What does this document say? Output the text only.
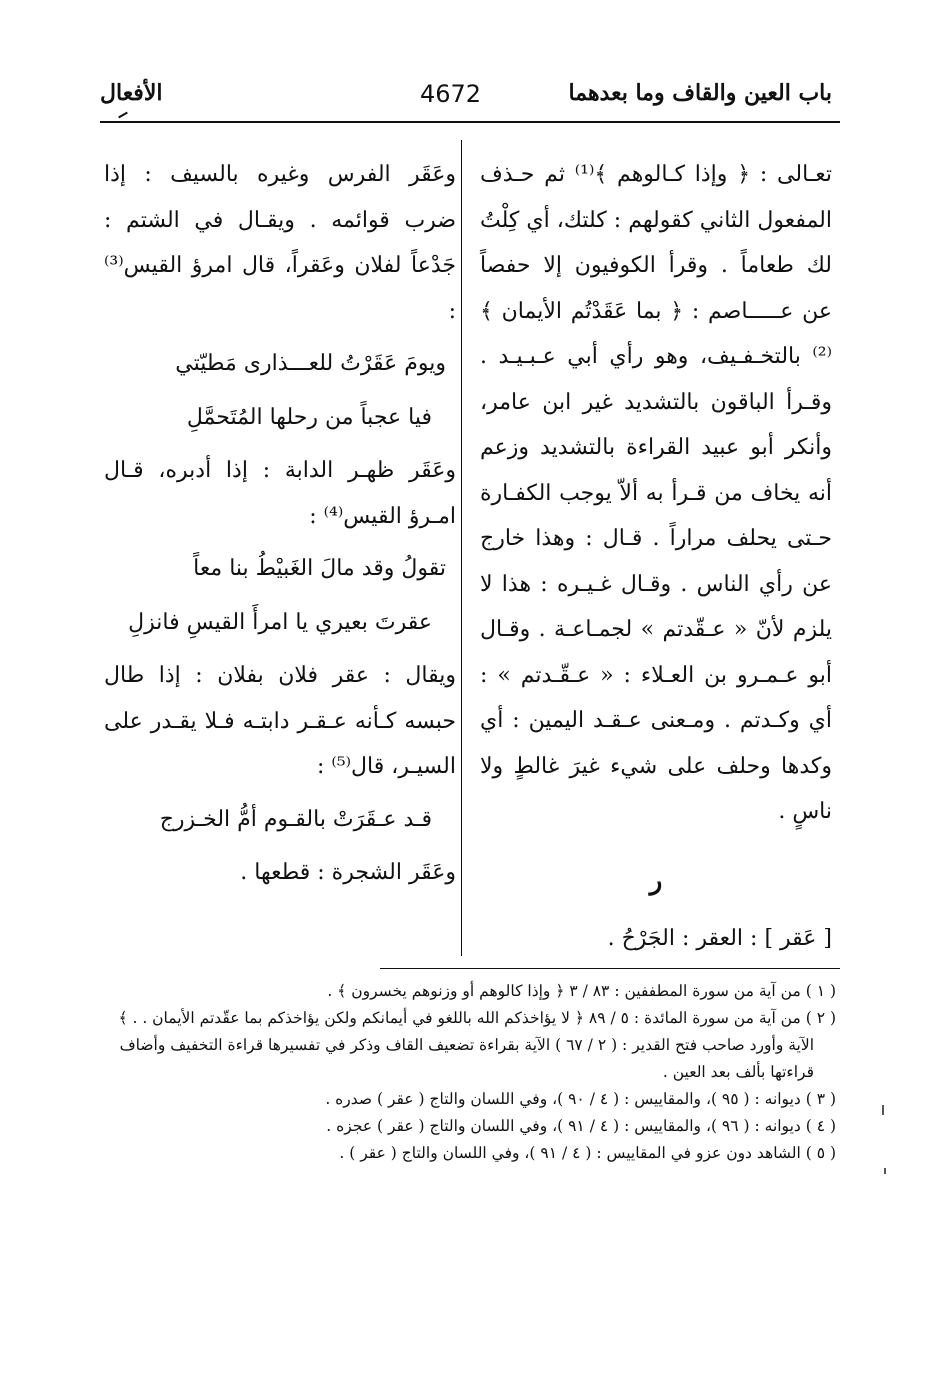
باب العين والقاف وما بعدهما
4672
الأفعال

تعـالى : ﴿ وإذا كـالوهم ﴾⁽¹⁾ ثم حـذف المفعول الثاني كقولهم : كلتك، أي كِلْتُ لك طعاماً . وقرأ الكوفيون إلا حفصاً عن عـــــاصم : ﴿ بما عَقَدْتُم الأيمان ﴾⁽²⁾ بالتخـفـيف، وهو رأي أبي عـبـيـد . وقـرأ الباقون بالتشديد غير ابن عامر، وأنكر أبو عبيد القراءة بالتشديد وزعم أنه يخاف من قـرأ به ألاّ يوجب الكفـارة حـتى يحلف مراراً . قـال : وهذا خارج عن رأي الناس . وقـال غـيـره : هذا لا يلزم لأنّ « عـقّدتم » لجمـاعـة . وقـال أبو عـمـرو بن العـلاء : « عـقّـدتم » : أي وكـدتم . ومـعنى عـقـد اليمين : أي وكدها وحلف على شيء غيرَ غالطٍ ولا ناسٍ .

ر

[ عَقر ] : العقر : الجَرْحُ .

وعَقَر الفرس وغيره بالسيف : إذا ضرب قوائمه . ويقـال في الشتم : جَدْعاً لفلان وعَقراً، قال امرؤ القيس⁽³⁾ :

ويومَ عَقَرْتُ للعـــذارى مَطيّتي

فيا عجباً من رحلها المُتَحمَّلِ

وعَقَر ظهـر الدابة : إذا أدبره، قـال امـرؤ القيس⁽⁴⁾ :

تقولُ وقد مالَ الغَبيْطُ بنا معاً

عقرتَ بعيري يا امرأَ القيسِ فانزلِ

ويقال : عقر فلان بفلان : إذا طال حبسه كـأنه عـقـر دابتـه فـلا يقـدر على السيـر، قال⁽⁵⁾ :

قـد عـقَرَتْ بالقـوم أمُّ الخـزرج

وعَقَر الشجرة : قطعها .

( ١ ) من آية من سورة المطففين : ٨٣ / ٣ ﴿ وإذا كالوهم أو وزنوهم يخسرون ﴾ .

( ٢ ) من آية من سورة المائدة : ٥ / ٨٩ ﴿ لا يؤاخذكم الله باللغو في أيمانكم ولكن يؤاخذكم بما عقّدتم الأيمان . . ﴾

الآية وأورد صاحب فتح القدير : ( ٢ / ٦٧ ) الآية بقراءة تضعيف القاف وذكر في تفسيرها قراءة التخفيف وأضاف قراءتها بألف بعد العين .

( ٣ ) ديوانه : ( ٩٥ )، والمقاييس : ( ٤ / ٩٠ )، وفي اللسان والتاج ( عقر ) صدره .

( ٤ ) ديوانه : ( ٩٦ )، والمقاييس : ( ٤ / ٩١ )، وفي اللسان والتاج ( عقر ) عجزه .

( ٥ ) الشاهد دون عزو في المقاييس : ( ٤ / ٩١ )، وفي اللسان والتاج ( عقر ) .
